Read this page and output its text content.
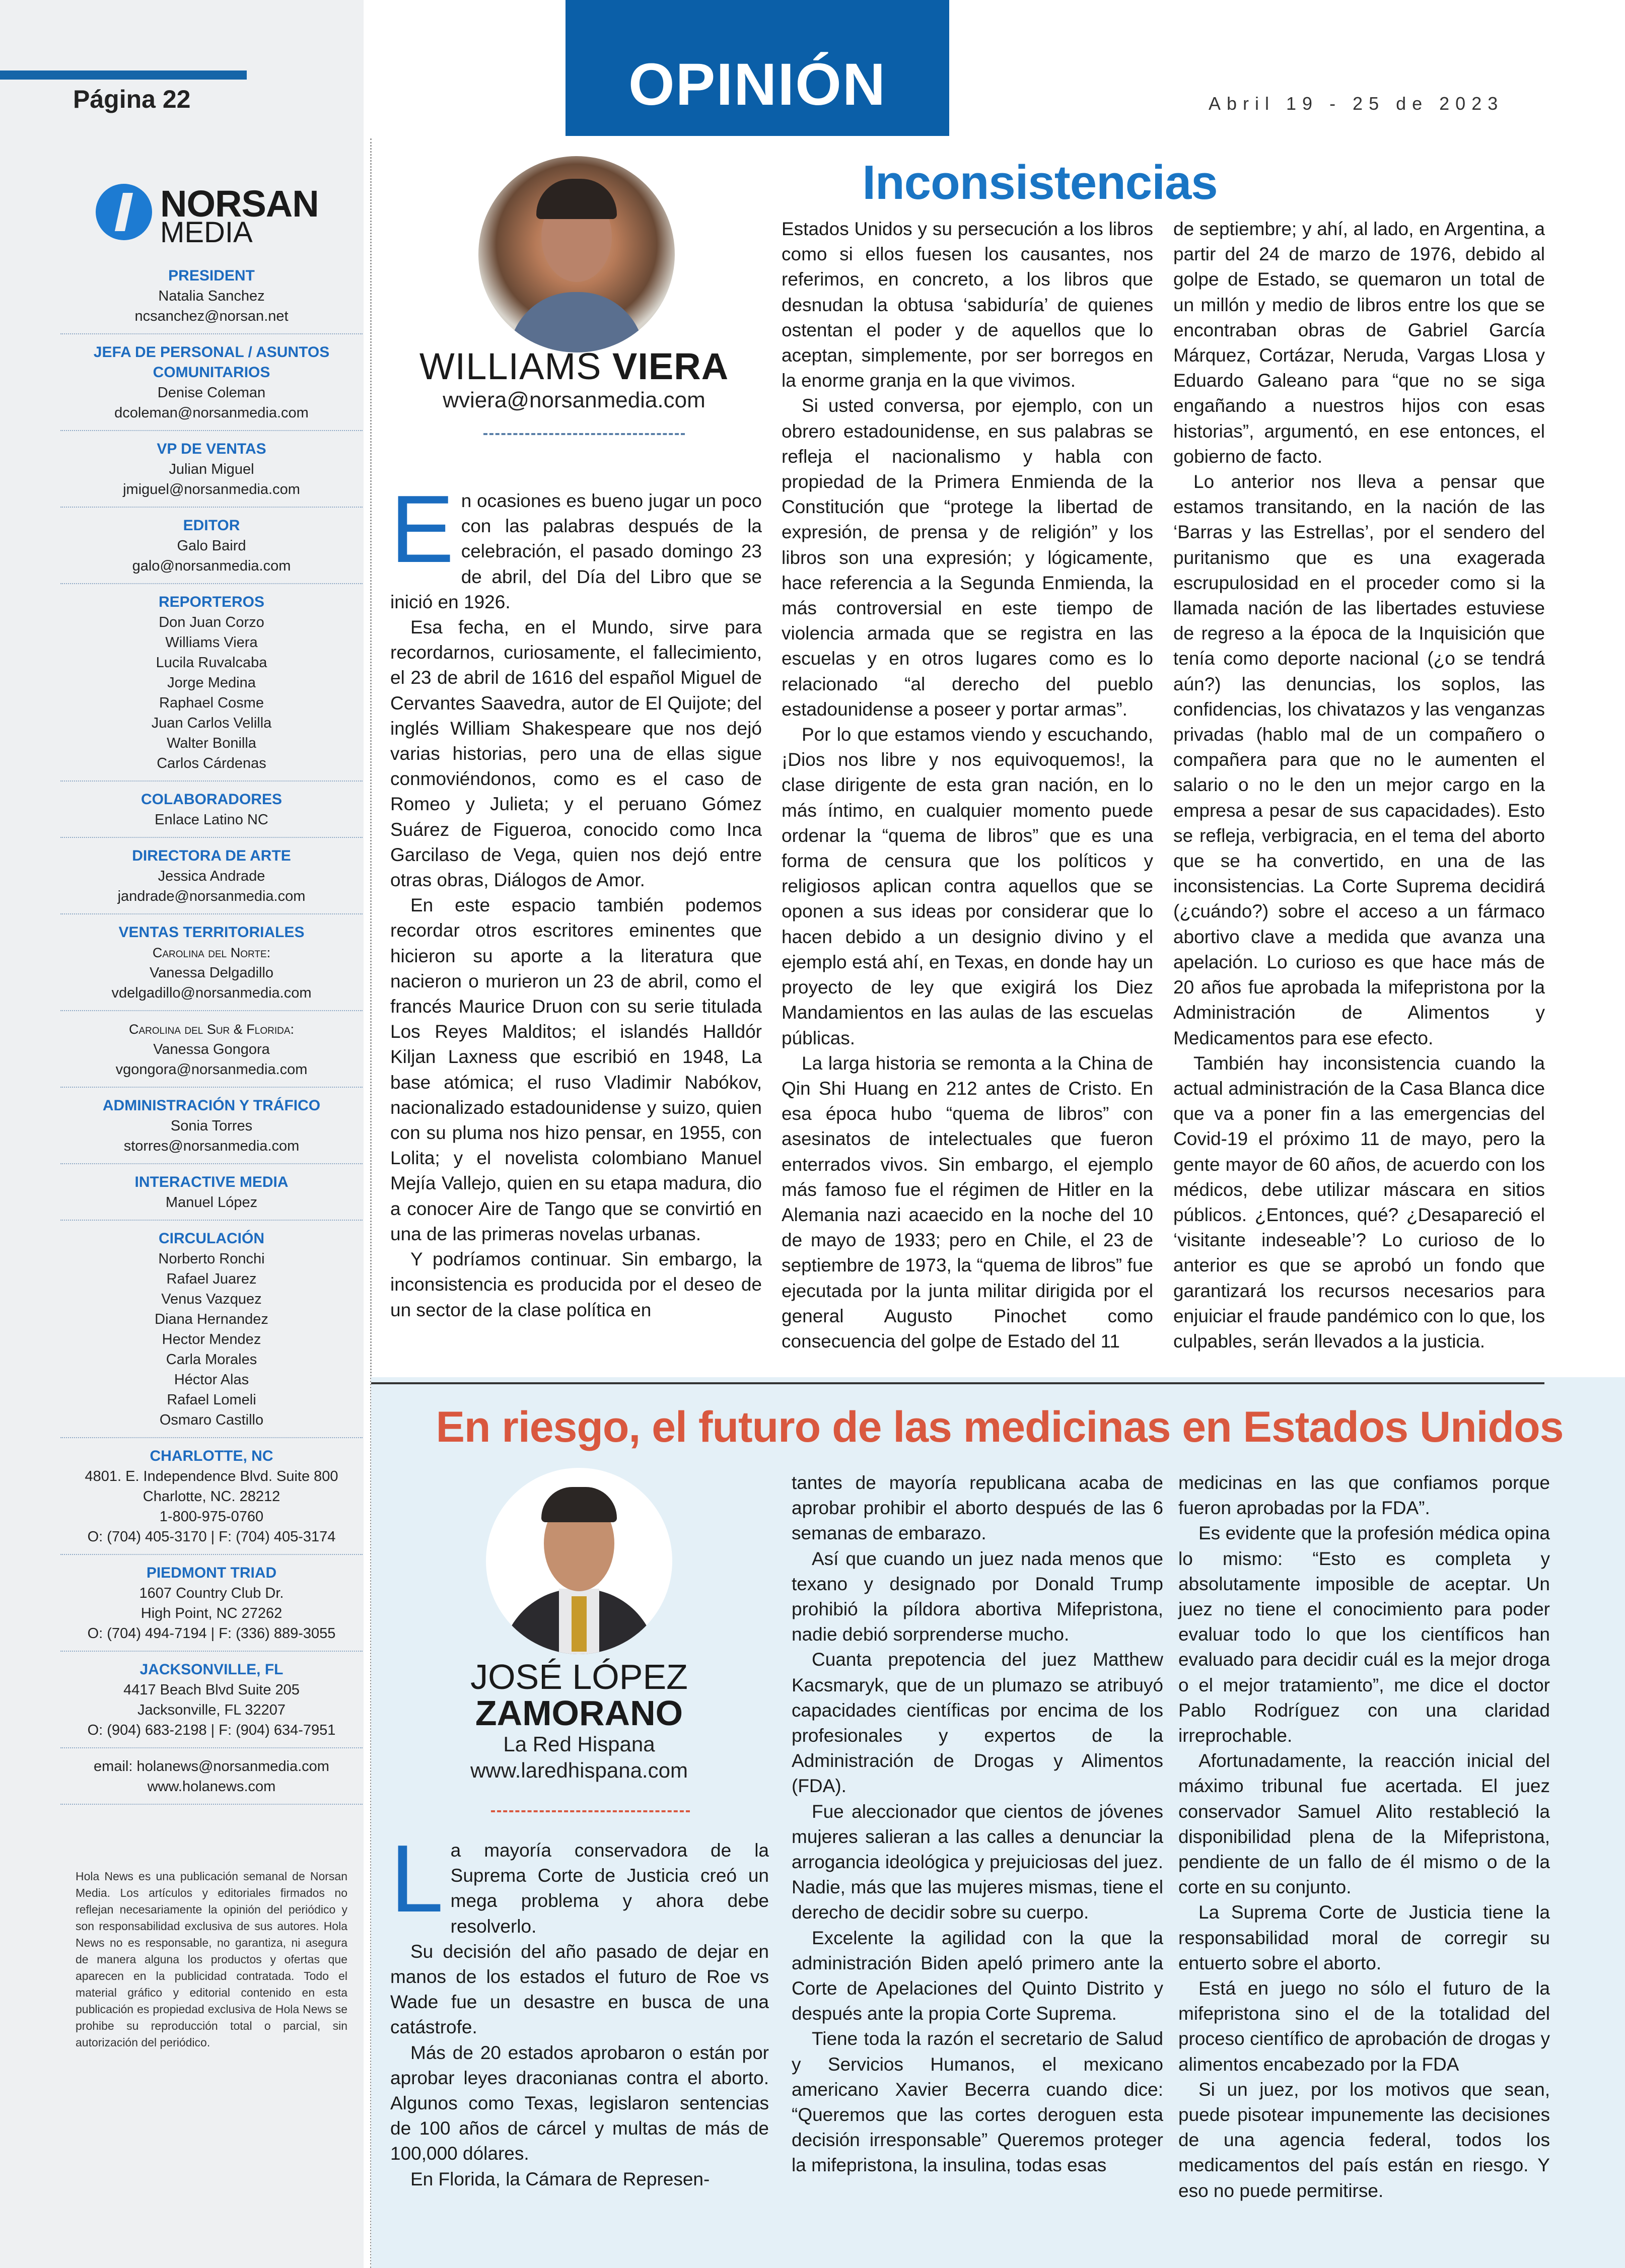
Página 22
NORSAN
MEDIA
PRESIDENT
Natalia Sanchez
ncsanchez@norsan.net
JEFA DE PERSONAL / ASUNTOS COMUNITARIOS
Denise Coleman
dcoleman@norsanmedia.com
VP DE VENTAS
Julian Miguel
jmiguel@norsanmedia.com
EDITOR
Galo Baird
galo@norsanmedia.com
REPORTEROS
Don Juan Corzo
Williams Viera
Lucila Ruvalcaba
Jorge Medina
Raphael Cosme
Juan Carlos Velilla
Walter Bonilla
Carlos Cárdenas
COLABORADORES
Enlace Latino NC
DIRECTORA DE ARTE
Jessica Andrade
jandrade@norsanmedia.com
VENTAS TERRITORIALES
Carolina del Norte:
Vanessa Delgadillo
vdelgadillo@norsanmedia.com
Carolina del Sur & Florida:
Vanessa Gongora
vgongora@norsanmedia.com
ADMINISTRACIÓN Y TRÁFICO
Sonia Torres
storres@norsanmedia.com
INTERACTIVE MEDIA
Manuel López
CIRCULACIÓN
Norberto Ronchi
Rafael Juarez
Venus Vazquez
Diana Hernandez
Hector Mendez
Carla Morales
Héctor Alas
Rafael Lomeli
Osmaro Castillo
CHARLOTTE, NC
4801. E. Independence Blvd. Suite 800
Charlotte, NC. 28212
1-800-975-0760
O: (704) 405-3170 | F: (704) 405-3174
PIEDMONT TRIAD
1607 Country Club Dr.
High Point, NC 27262
O: (704) 494-7194 | F: (336) 889-3055
JACKSONVILLE, FL
4417 Beach Blvd Suite 205
Jacksonville, FL 32207
O: (904) 683-2198 | F: (904) 634-7951
email: holanews@norsanmedia.com
www.holanews.com
Hola News es una publicación semanal de Norsan Media. Los artículos y editoriales firmados no reflejan necesariamente la opinión del periódico y son responsabilidad exclusiva de sus autores. Hola News no es responsable, no garantiza, ni asegura de manera alguna los productos y ofertas que aparecen en la publicidad contratada. Todo el material gráfico y editorial contenido en esta publicación es propiedad exclusiva de Hola News se prohibe su reproducción total o parcial, sin autorización del periódico.
OPINIÓN	Abril 19 - 25 de 2023
Inconsistencias
WILLIAMS VIERA
wviera@norsanmedia.com
E n ocasiones es bueno jugar un poco con las palabras después de la celebración, el pasado domingo 23 de abril, del Día del Libro que se inició en 1926.

Esa fecha, en el Mundo, sirve para recordarnos, curiosamente, el fallecimiento, el 23 de abril de 1616 del español Miguel de Cervantes Saavedra, autor de El Quijote; del inglés William Shakespeare que nos dejó varias historias, pero una de ellas sigue conmoviéndonos, como es el caso de Romeo y Julieta; y el peruano Gómez Suárez de Figueroa, conocido como Inca Garcilaso de Vega, quien nos dejó entre otras obras, Diálogos de Amor.

En este espacio también podemos recordar otros escritores eminentes que hicieron su aporte a la literatura que nacieron o murieron un 23 de abril, como el francés Maurice Druon con su serie titulada Los Reyes Malditos; el islandés Halldór Kiljan Laxness que escribió en 1948, La base atómica; el ruso Vladimir Nabókov, nacionalizado estadounidense y suizo, quien con su pluma nos hizo pensar, en 1955, con Lolita; y el novelista colombiano Manuel Mejía Vallejo, quien en su etapa madura, dio a conocer Aire de Tango que se convirtió en una de las primeras novelas urbanas.

Y podríamos continuar. Sin embargo, la inconsistencia es producida por el deseo de un sector de la clase política en

Estados Unidos y su persecución a los libros como si ellos fuesen los causantes, nos referimos, en concreto, a los libros que desnudan la obtusa ‘sabiduría’ de quienes ostentan el poder y de aquellos que lo aceptan, simplemente, por ser borregos en la enorme granja en la que vivimos.

Si usted conversa, por ejemplo, con un obrero estadounidense, en sus palabras se refleja el nacionalismo y habla con propiedad de la Primera Enmienda de la Constitución que “protege la libertad de expresión, de prensa y de religión” y los libros son una expresión; y lógicamente, hace referencia a la Segunda Enmienda, la más controversial en este tiempo de violencia armada que se registra en las escuelas y en otros lugares como es lo relacionado “al derecho del pueblo estadounidense a poseer y portar armas”.

Por lo que estamos viendo y escuchando, ¡Dios nos libre y nos equivoquemos!, la clase dirigente de esta gran nación, en lo más íntimo, en cualquier momento puede ordenar la “quema de libros” que es una forma de censura que los políticos y religiosos aplican contra aquellos que se oponen a sus ideas por considerar que lo hacen debido a un designio divino y el ejemplo está ahí, en Texas, en donde hay un proyecto de ley que exigirá los Diez Mandamientos en las aulas de las escuelas públicas.

La larga historia se remonta a la China de Qin Shi Huang en 212 antes de Cristo. En esa época hubo “quema de libros” con asesinatos de intelectuales que fueron enterrados vivos. Sin embargo, el ejemplo más famoso fue el régimen de Hitler en la Alemania nazi acaecido en la noche del 10 de mayo de 1933; pero en Chile, el 23 de septiembre de 1973, la “quema de libros” fue ejecutada por la junta militar dirigida por el general Augusto Pinochet como consecuencia del golpe de Estado del 11

de septiembre; y ahí, al lado, en Argentina, a partir del 24 de marzo de 1976, debido al golpe de Estado, se quemaron un total de un millón y medio de libros entre los que se encontraban obras de Gabriel García Márquez, Cortázar, Neruda, Vargas Llosa y Eduardo Galeano para “que no se siga engañando a nuestros hijos con esas historias”, argumentó, en ese entonces, el gobierno de facto.

Lo anterior nos lleva a pensar que estamos transitando, en la nación de las ‘Barras y las Estrellas’, por el sendero del puritanismo que es una exagerada escrupulosidad en el proceder como si la llamada nación de las libertades estuviese de regreso a la época de la Inquisición que tenía como deporte nacional (¿o se tendrá aún?) las denuncias, los soplos, las confidencias, los chivatazos y las venganzas privadas (hablo mal de un compañero o compañera para que no le aumenten el salario o no le den un mejor cargo en la empresa a pesar de sus capacidades). Esto se refleja, verbigracia, en el tema del aborto que se ha convertido, en una de las inconsistencias. La Corte Suprema decidirá (¿cuándo?) sobre el acceso a un fármaco abortivo clave a medida que avanza una apelación. Lo curioso es que hace más de 20 años fue aprobada la mifepristona por la Administración de Alimentos y Medicamentos para ese efecto.

También hay inconsistencia cuando la actual administración de la Casa Blanca dice que va a poner fin a las emergencias del Covid-19 el próximo 11 de mayo, pero la gente mayor de 60 años, de acuerdo con los médicos, debe utilizar máscara en sitios públicos. ¿Entonces, qué? ¿Desapareció el ‘visitante indeseable’? Lo curioso de lo anterior es que se aprobó un fondo que garantizará los recursos necesarios para enjuiciar el fraude pandémico con lo que, los culpables, serán llevados a la justicia.

En riesgo, el futuro de las medicinas en Estados Unidos
JOSÉ LÓPEZ
ZAMORANO
La Red Hispana
www.laredhispana.com
L a mayoría conservadora de la Suprema Corte de Justicia creó un mega problema y ahora debe resolverlo.

Su decisión del año pasado de dejar en manos de los estados el futuro de Roe vs Wade fue un desastre en busca de una catástrofe.

Más de 20 estados aprobaron o están por aprobar leyes draconianas contra el aborto. Algunos como Texas, legislaron sentencias de 100 años de cárcel y multas de más de 100,000 dólares.

En Florida, la Cámara de Represen-

tantes de mayoría republicana acaba de aprobar prohibir el aborto después de las 6 semanas de embarazo.

Así que cuando un juez nada menos que texano y designado por Donald Trump prohibió la píldora abortiva Mifepristona, nadie debió sorprenderse mucho.

Cuanta prepotencia del juez Matthew Kacsmaryk, que de un plumazo se atribuyó capacidades científicas por encima de los profesionales y expertos de la Administración de Drogas y Alimentos (FDA).

Fue aleccionador que cientos de jóvenes mujeres salieran a las calles a denunciar la arrogancia ideológica y prejuiciosas del juez. Nadie, más que las mujeres mismas, tiene el derecho de decidir sobre su cuerpo.

Excelente la agilidad con la que la administración Biden apeló primero ante la Corte de Apelaciones del Quinto Distrito y después ante la propia Corte Suprema.

Tiene toda la razón el secretario de Salud y Servicios Humanos, el mexicano americano Xavier Becerra cuando dice: “Queremos que las cortes deroguen esta decisión irresponsable” Queremos proteger la mifepristona, la insulina, todas esas

medicinas en las que confiamos porque fueron aprobadas por la FDA”.

Es evidente que la profesión médica opina lo mismo: “Esto es completa y absolutamente imposible de aceptar. Un juez no tiene el conocimiento para poder evaluar todo lo que los científicos han evaluado para decidir cuál es la mejor droga o el mejor tratamiento”, me dice el doctor Pablo Rodríguez con una claridad irreprochable.

Afortunadamente, la reacción inicial del máximo tribunal fue acertada. El juez conservador Samuel Alito restableció la disponibilidad plena de la Mifepristona, pendiente de un fallo de él mismo o de la corte en su conjunto.

La Suprema Corte de Justicia tiene la responsabilidad moral de corregir su entuerto sobre el aborto.

Está en juego no sólo el futuro de la mifepristona sino el de la totalidad del proceso científico de aprobación de drogas y alimentos encabezado por la FDA

Si un juez, por los motivos que sean, puede pisotear impunemente las decisiones de una agencia federal, todos los medicamentos del país están en riesgo. Y eso no puede permitirse.
